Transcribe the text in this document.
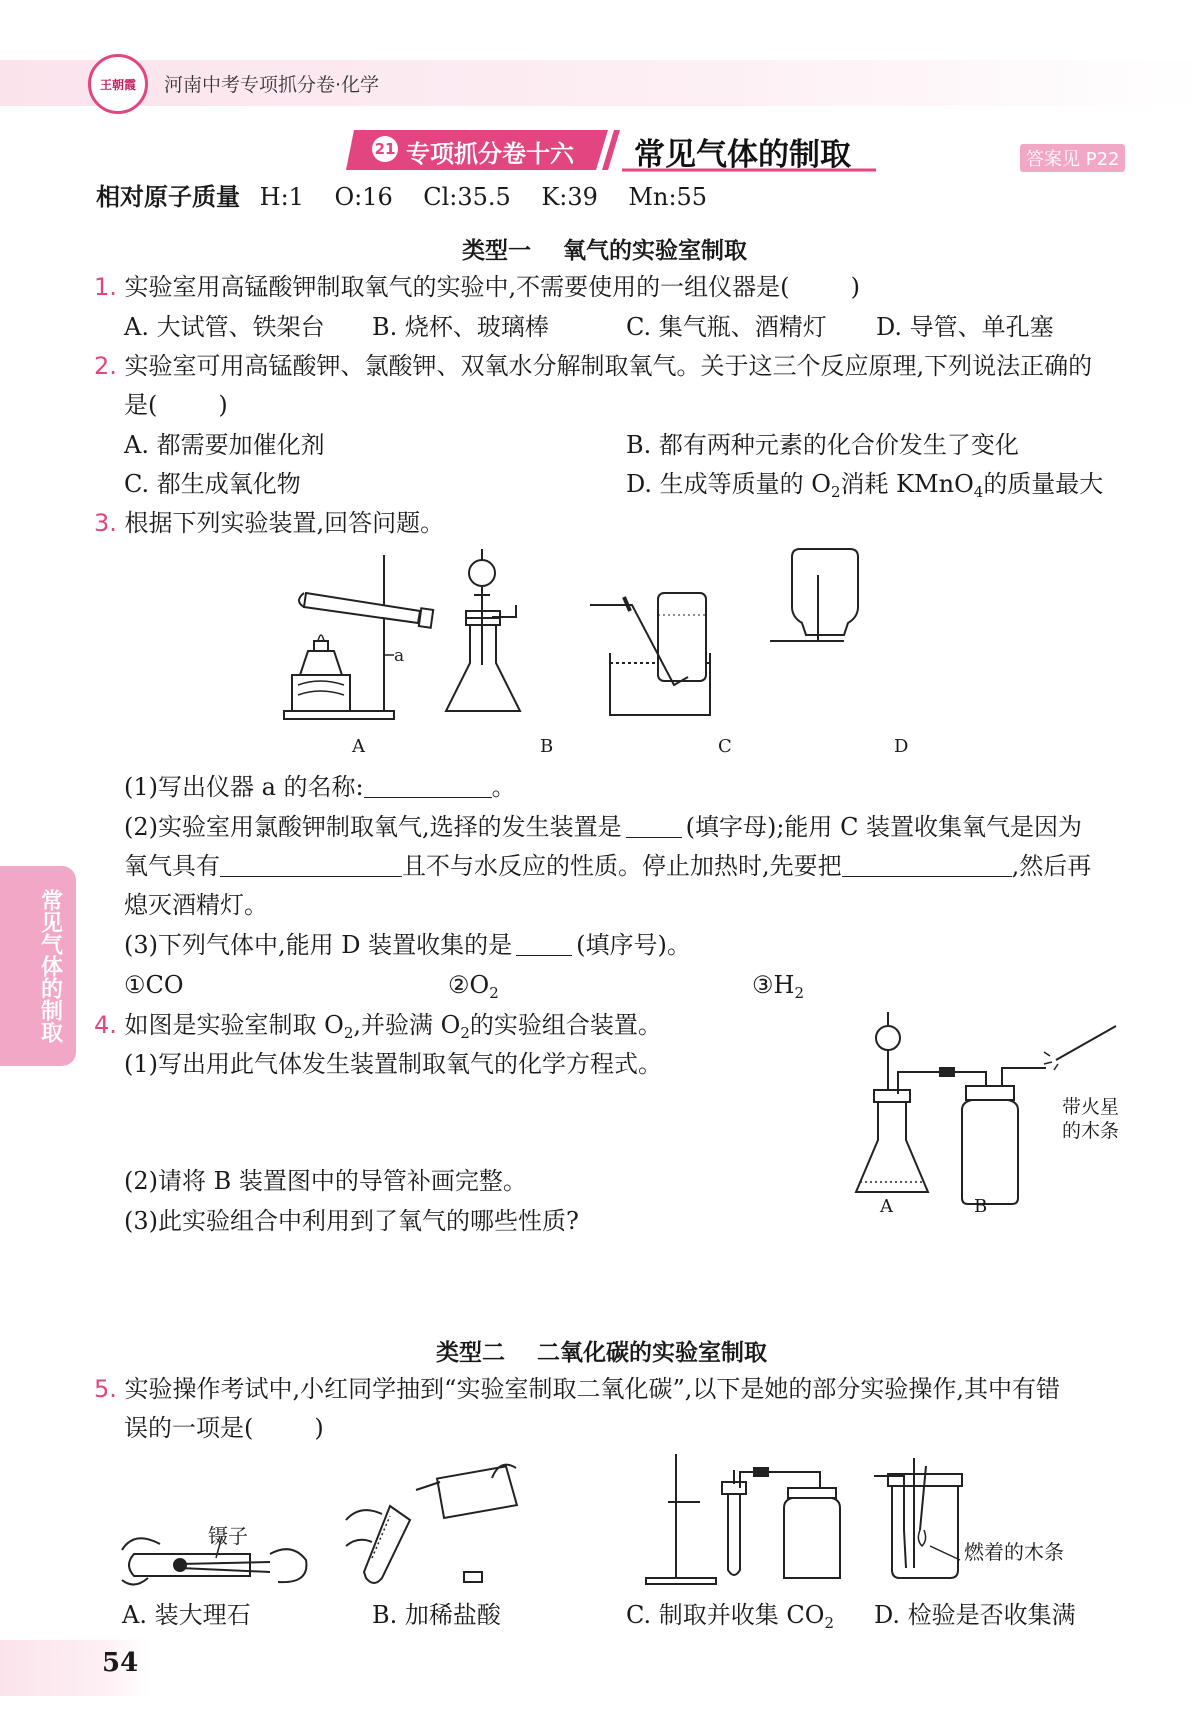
王朝霞 河南中考专项抓分卷·化学
21 专项抓分卷十六 常见气体的制取	答案见 P22
相对原子质量 H:1    O:16    Cl:35.5    K:39    Mn:55
类型一    氧气的实验室制取
1. 实验室用高锰酸钾制取氧气的实验中,不需要使用的一组仪器是(        )
A. 大试管、铁架台 B. 烧杯、玻璃棒	C. 集气瓶、酒精灯 D. 导管、单孔塞
2. 实验室可用高锰酸钾、氯酸钾、双氧水分解制取氧气。关于这三个反应原理,下列说法正确的
是(        )
A. 都需要加催化剂	B. 都有两种元素的化合价发生了变化
C. 都生成氧化物	D. 生成等质量的 $O_2$消耗 KMnO$_4$的质量最大
3. 根据下列实验装置,回答问题。
a
A	B	C	D
(1)写出仪器 a 的名称:	。
(2)实验室用氯酸钾制取氧气,选择的发生装置是	(填字母);能用 C 装置收集氧气是因为
氧气具有	且不与水反应的性质。停止加热时,先要把	,然后再
熄灭酒精灯。
(3)下列气体中,能用 D 装置收集的是	(填序号)。
①CO	$②O_2$	$③H_2$
4. 如图是实验室制取 $O_2$,并验满 $O_2$的实验组合装置。
(1)写出用此气体发生装置制取氧气的化学方程式。
(2)请将 B 装置图中的导管补画完整。
(3)此实验组合中利用到了氧气的哪些性质?
带火星
的木条
A	B
类型二    二氧化碳的实验室制取
5. 实验操作考试中,小红同学抽到“实验室制取二氧化碳”,以下是她的部分实验操作,其中有错
误的一项是(        )
镊子
燃着的木条
A. 装大理石	B. 加稀盐酸	C. 制取并收集 $CO_2$ D. 检验是否收集满
常见气体的制取
54
